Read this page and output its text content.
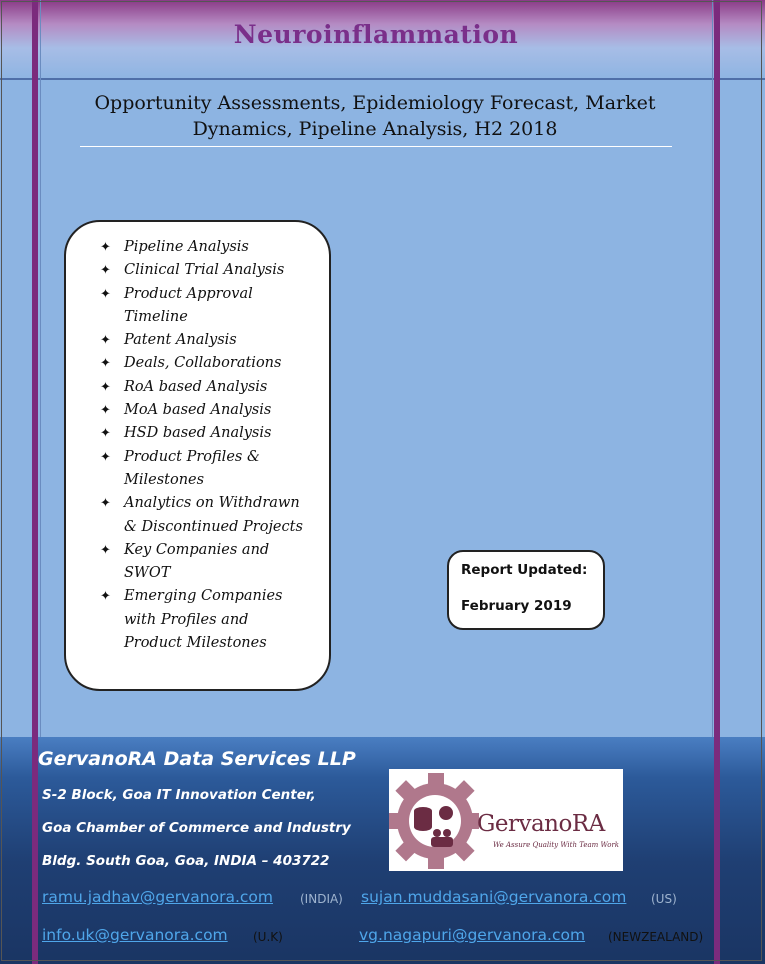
Neuroinflammation
Opportunity Assessments, Epidemiology Forecast, Market
Dynamics, Pipeline Analysis, H2 2018
✦ Pipeline Analysis
✦ Clinical Trial Analysis
✦ Product Approval
Timeline
✦ Patent Analysis
✦ Deals, Collaborations
✦ RoA based Analysis
✦ MoA based Analysis
✦ HSD based Analysis
✦ Product Profiles &
Milestones
✦ Analytics on Withdrawn
& Discontinued Projects
✦ Key Companies and
SWOT
✦ Emerging Companies
with Profiles and
Product Milestones
Report Updated:
February 2019
GervanoRA Data Services LLP
S-2 Block, Goa IT Innovation Center,
Goa Chamber of Commerce and Industry
Bldg. South Goa, Goa, INDIA – 403722
ramu.jadhav@gervanora.com (INDIA) sujan.muddasani@gervanora.com (US)
info.uk@gervanora.com (U.K)	vg.nagapuri@gervanora.com (NEWZEALAND)
GervanoRA
We Assure Quality With Team Work
